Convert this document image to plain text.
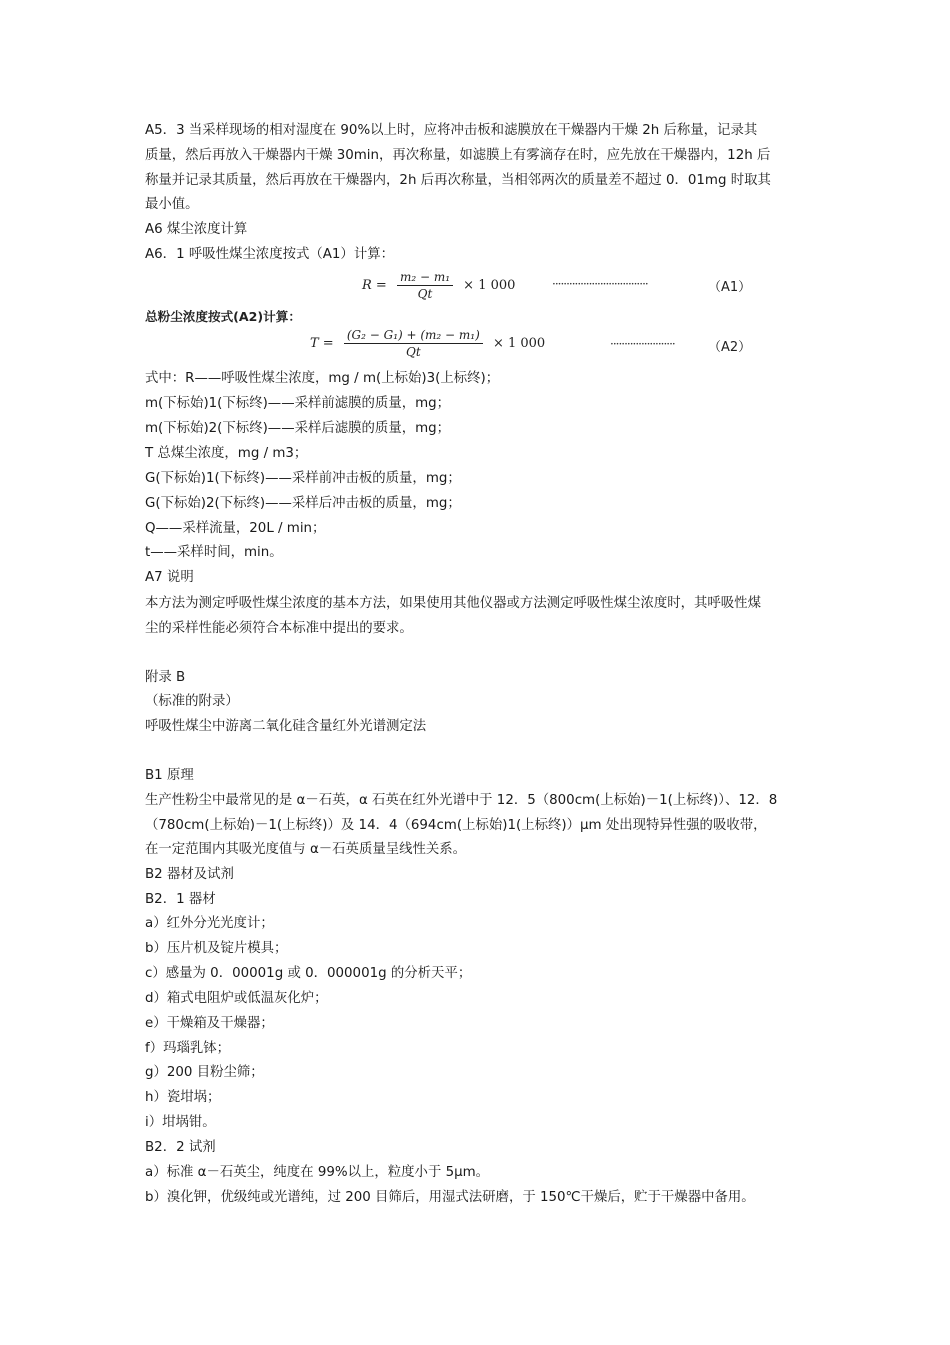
A5．3 当采样现场的相对湿度在 90%以上时，应将冲击板和滤膜放在干燥器内干燥 2h 后称量，记录其
质量，然后再放入干燥器内干燥 30min，再次称量，如滤膜上有雾滴存在时，应先放在干燥器内，12h 后
称量并记录其质量，然后再放在干燥器内，2h 后再次称量，当相邻两次的质量差不超过 0．01mg 时取其
最小值。
A6 煤尘浓度计算
A6．1 呼吸性煤尘浓度按式（A1）计算：
$R = \frac{\text{m₂ − m₁}}{Qt} \times 1$ 000	··································	（A1）
总粉尘浓度按式(A2)计算：
$T = \frac{\text{(G₂ − G₁) + (m₂ − m₁)}}{Qt} \times 1$ 000	·······················	（A2）
式中：R——呼吸性煤尘浓度，mg / m(上标始)3(上标终)；
m(下标始)1(下标终)——采样前滤膜的质量，mg；
m(下标始)2(下标终)——采样后滤膜的质量，mg；
T 总煤尘浓度，mg / m3；
G(下标始)1(下标终)——采样前冲击板的质量，mg；
G(下标始)2(下标终)——采样后冲击板的质量，mg；
Q——采样流量，20L / min；
t——采样时间，min。
A7 说明
本方法为测定呼吸性煤尘浓度的基本方法，如果使用其他仪器或方法测定呼吸性煤尘浓度时，其呼吸性煤
尘的采样性能必须符合本标准中提出的要求。
附录 B
（标准的附录）
呼吸性煤尘中游离二氧化硅含量红外光谱测定法
B1 原理
生产性粉尘中最常见的是 α－石英，α 石英在红外光谱中于 12．5（800cm(上标始)－1(上标终)）、12．8
（780cm(上标始)－1(上标终)）及 14．4（694cm(上标始)1(上标终)）μm 处出现特异性强的吸收带，
在一定范围内其吸光度值与 α－石英质量呈线性关系。
B2 器材及试剂
B2．1 器材
a）红外分光光度计；
b）压片机及锭片模具；
c）感量为 0．00001g 或 0．000001g 的分析天平；
d）箱式电阻炉或低温灰化炉；
e）干燥箱及干燥器；
f）玛瑙乳钵；
g）200 目粉尘筛；
h）瓷坩埚；
i）坩埚钳。
B2．2 试剂
a）标准 α－石英尘，纯度在 99%以上，粒度小于 5μm。
b）溴化钾，优级纯或光谱纯，过 200 目筛后，用湿式法研磨，于 150℃干燥后，贮于干燥器中备用。
